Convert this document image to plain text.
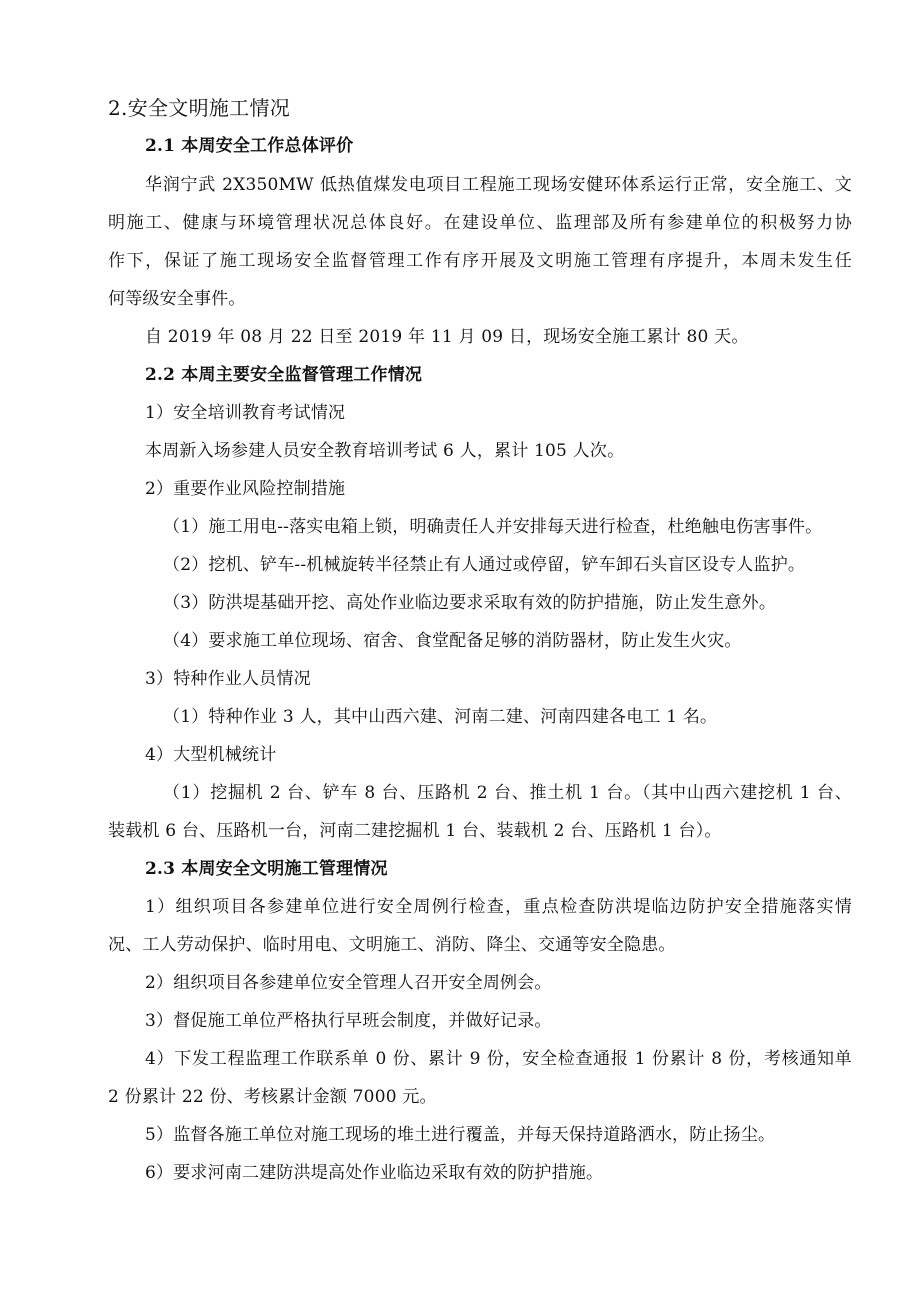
2.安全文明施工情况
2.1 本周安全工作总体评价
华润宁武 2X350MW 低热值煤发电项目工程施工现场安健环体系运行正常，安全施工、文
明施工、健康与环境管理状况总体良好。在建设单位、监理部及所有参建单位的积极努力协
作下，保证了施工现场安全监督管理工作有序开展及文明施工管理有序提升，本周未发生任
何等级安全事件。
自 2019 年 08 月 22 日至 2019 年 11 月 09 日，现场安全施工累计 80 天。
2.2 本周主要安全监督管理工作情况
1）安全培训教育考试情况
本周新入场参建人员安全教育培训考试 6 人，累计 105 人次。
2）重要作业风险控制措施
（1）施工用电--落实电箱上锁，明确责任人并安排每天进行检查，杜绝触电伤害事件。
（2）挖机、铲车--机械旋转半径禁止有人通过或停留，铲车卸石头盲区设专人监护。
（3）防洪堤基础开挖、高处作业临边要求采取有效的防护措施，防止发生意外。
（4）要求施工单位现场、宿舍、食堂配备足够的消防器材，防止发生火灾。
3）特种作业人员情况
（1）特种作业 3 人，其中山西六建、河南二建、河南四建各电工 1 名。
4）大型机械统计
（1）挖掘机 2 台、铲车 8 台、压路机 2 台、推土机 1 台。（其中山西六建挖机 1 台、
装载机 6 台、压路机一台，河南二建挖掘机 1 台、装载机 2 台、压路机 1 台）。
2.3 本周安全文明施工管理情况
1）组织项目各参建单位进行安全周例行检查，重点检查防洪堤临边防护安全措施落实情
况、工人劳动保护、临时用电、文明施工、消防、降尘、交通等安全隐患。
2）组织项目各参建单位安全管理人召开安全周例会。
3）督促施工单位严格执行早班会制度，并做好记录。
4）下发工程监理工作联系单 0 份、累计 9 份，安全检查通报 1 份累计 8 份，考核通知单
2 份累计 22 份、考核累计金额 7000 元。
5）监督各施工单位对施工现场的堆土进行覆盖，并每天保持道路洒水，防止扬尘。
6）要求河南二建防洪堤高处作业临边采取有效的防护措施。
